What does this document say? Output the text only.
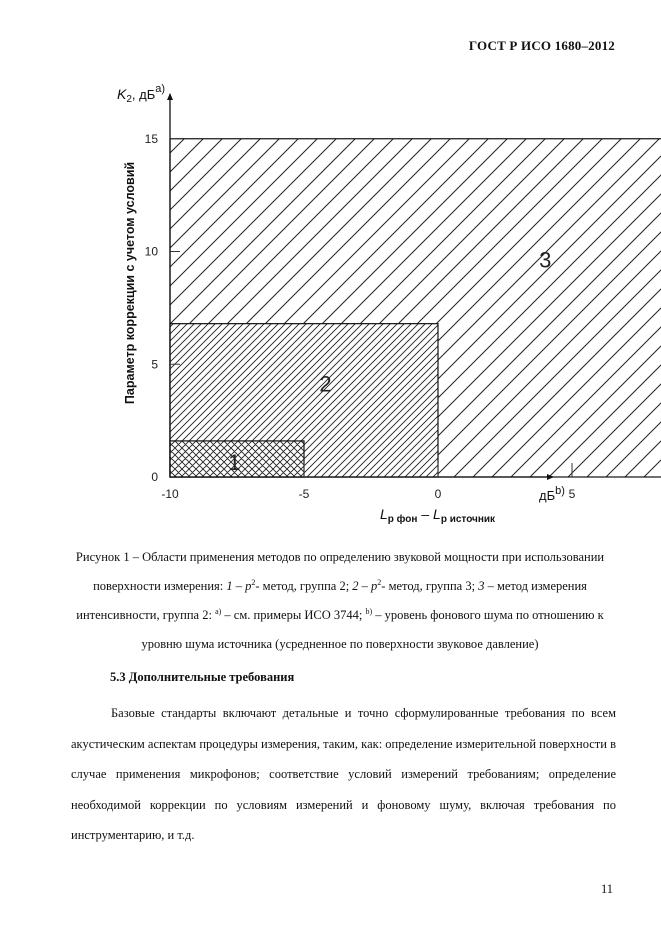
ГОСТ Р ИСО 1680–2012
-10	-5	0	5
0
5
10
15
1
2
3
Параметр коррекции с учетом условий
$K_2$, $дБ^{а)}$
$дБ^{b)}$
$L_{p фон} - L_{p источник}$
Рисунок 1 – Области применения методов по определению звуковой мощности при использовании поверхности измерения: $1 - p^2-$ метод, группа 2; $2 - p^2-$ метод, группа 3; 3 – метод измерения интенсивности, группа 2: $^{a)}$ – см. примеры ИСО 3744; $^{b)}$ – уровень фонового шума по отношению к уровню шума источника (усредненное по поверхности звуковое давление)
5.3 Дополнительные требования
Базовые стандарты включают детальные и точно сформулированные требования по всем акустическим аспектам процедуры измерения, таким, как: определение измерительной поверхности в случае применения микрофонов; соответствие условий измерений требованиям; определение необходимой коррекции по условиям измерений и фоновому шуму, включая требования по инструментарию, и т.д.
11
